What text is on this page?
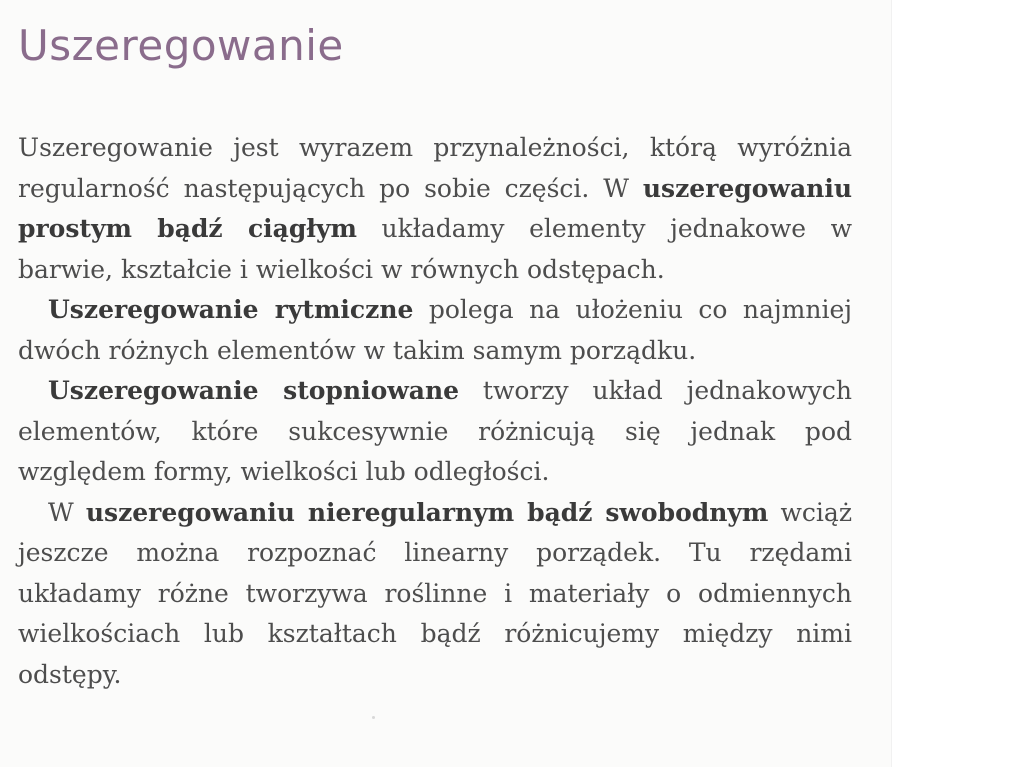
Uszeregowanie

Uszeregowanie jest wyrazem przynależności, którą wyróżnia regularność następujących po sobie części. W uszeregowaniu prostym bądź ciągłym układamy elementy jednakowe w barwie, kształcie i wielkości w równych odstępach.

Uszeregowanie rytmiczne polega na ułożeniu co najmniej dwóch różnych elementów w takim samym porządku.

Uszeregowanie stopniowane tworzy układ jednakowych elementów, które sukcesywnie różnicują się jednak pod względem formy, wielkości lub odległości.

W uszeregowaniu nieregularnym bądź swobodnym wciąż jeszcze można rozpoznać linearny porządek. Tu rzędami układamy różne tworzywa roślinne i materiały o odmiennych wielkościach lub kształtach bądź różnicujemy między nimi odstępy.
